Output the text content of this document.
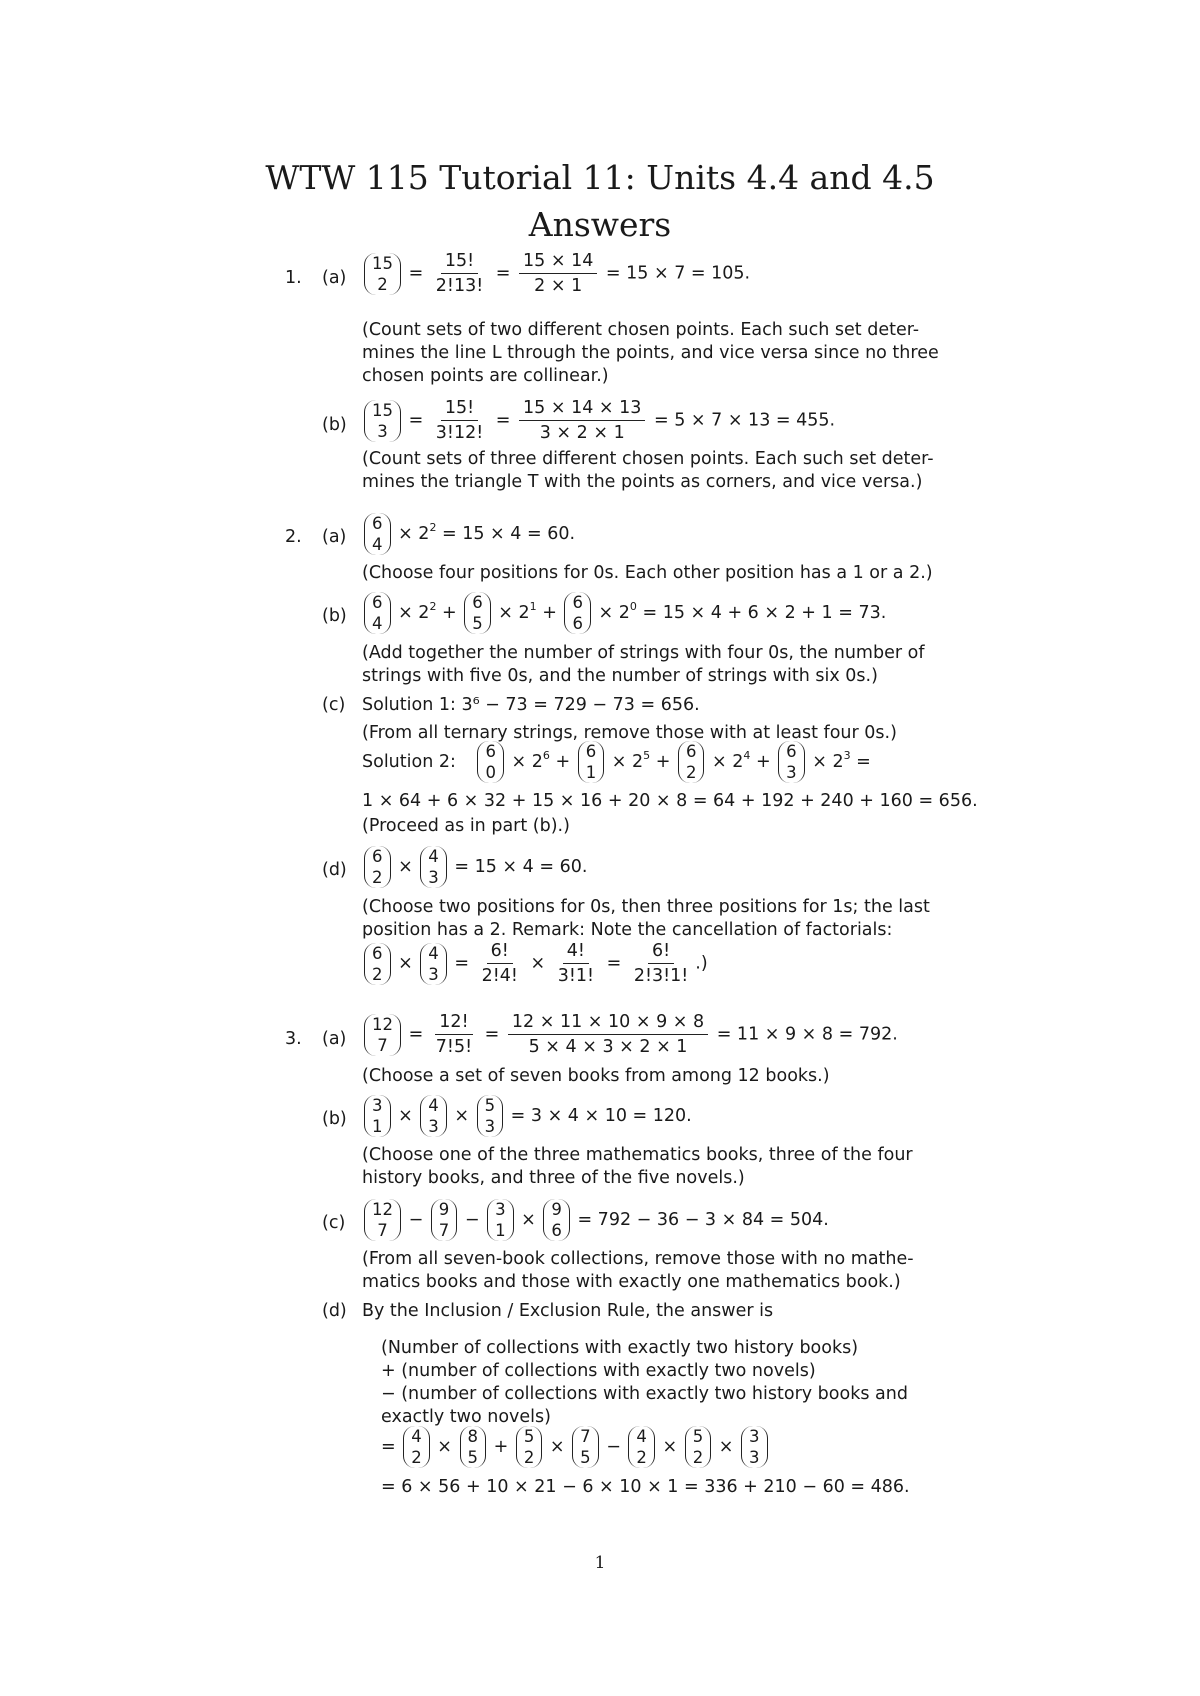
WTW 115 Tutorial 11: Units 4.4 and 4.5
Answers
1. (a)
15
2
= $\frac{15!}{2!13!} = \frac{15 \times 14}{2 \times 1} = 15 \times 7 = 105$.
(Count sets of two different chosen points. Each such set deter-
mines the line L through the points, and vice versa since no three
chosen points are collinear.)
(b)
15
3
= $\frac{15!}{3!12!} = \frac{15 \times 14 \times 13}{3 \times 2 \times 1} = 5 \times 7 \times 13 = 455$.
(Count sets of three different chosen points. Each such set deter-
mines the triangle T with the points as corners, and vice versa.)
2. (a)
6
4
× $2^2 = 15 \times 4 = 60$.
(Choose four positions for 0s. Each other position has a 1 or a 2.)
(b)
6
4
× $2^2$ +
6
5
× $2^1$ +
6
6
× $2^0 = 15 \times 4 + 6 \times 2 + 1 = 73$.
(Add together the number of strings with four 0s, the number of
strings with five 0s, and the number of strings with six 0s.)
(c) Solution 1: 3⁶ − 73 = 729 − 73 = 656.
(From all ternary strings, remove those with at least four 0s.)
Solution 2:
6
0
× $2^6$ +
6
1
× $2^5$ +
6
2
× $2^4$ +
6
3
× $2^3$ =
1 × 64 + 6 × 32 + 15 × 16 + 20 × 8 = 64 + 192 + 240 + 160 = 656.
(Proceed as in part (b).)
(d)
6
2
×
4
3
= 15 × 4 = 60.
(Choose two positions for 0s, then three positions for 1s; the last
position has a 2. Remark: Note the cancellation of factorials:
6
2
×
4
3
= $\frac{6!}{2!4!} \times \frac{4!}{3!1!} = \frac{6!}{2!3!1!}$ .)
3. (a)
12
7
= $\frac{12!}{7!5!} = \frac{12 \times 11 \times 10 \times 9 \times 8}{5 \times 4 \times 3 \times 2 \times 1} = 11 \times 9 \times 8 = 792$.
(Choose a set of seven books from among 12 books.)
(b)
3
1
×
4
3
×
5
3
= 3 × 4 × 10 = 120.
(Choose one of the three mathematics books, three of the four
history books, and three of the five novels.)
(c)
12
7
−
9
7
−
3
1
×
9
6
= 792 − 36 − 3 × 84 = 504.
(From all seven-book collections, remove those with no mathe-
matics books and those with exactly one mathematics book.)
(d) By the Inclusion / Exclusion Rule, the answer is
(Number of collections with exactly two history books)
+ (number of collections with exactly two novels)
− (number of collections with exactly two history books and
exactly two novels)
=
4
2
×
8
5
+
5
2
×
7
5
−
4
2
×
5
2
×
3
3
= 6 × 56 + 10 × 21 − 6 × 10 × 1 = 336 + 210 − 60 = 486.
1
